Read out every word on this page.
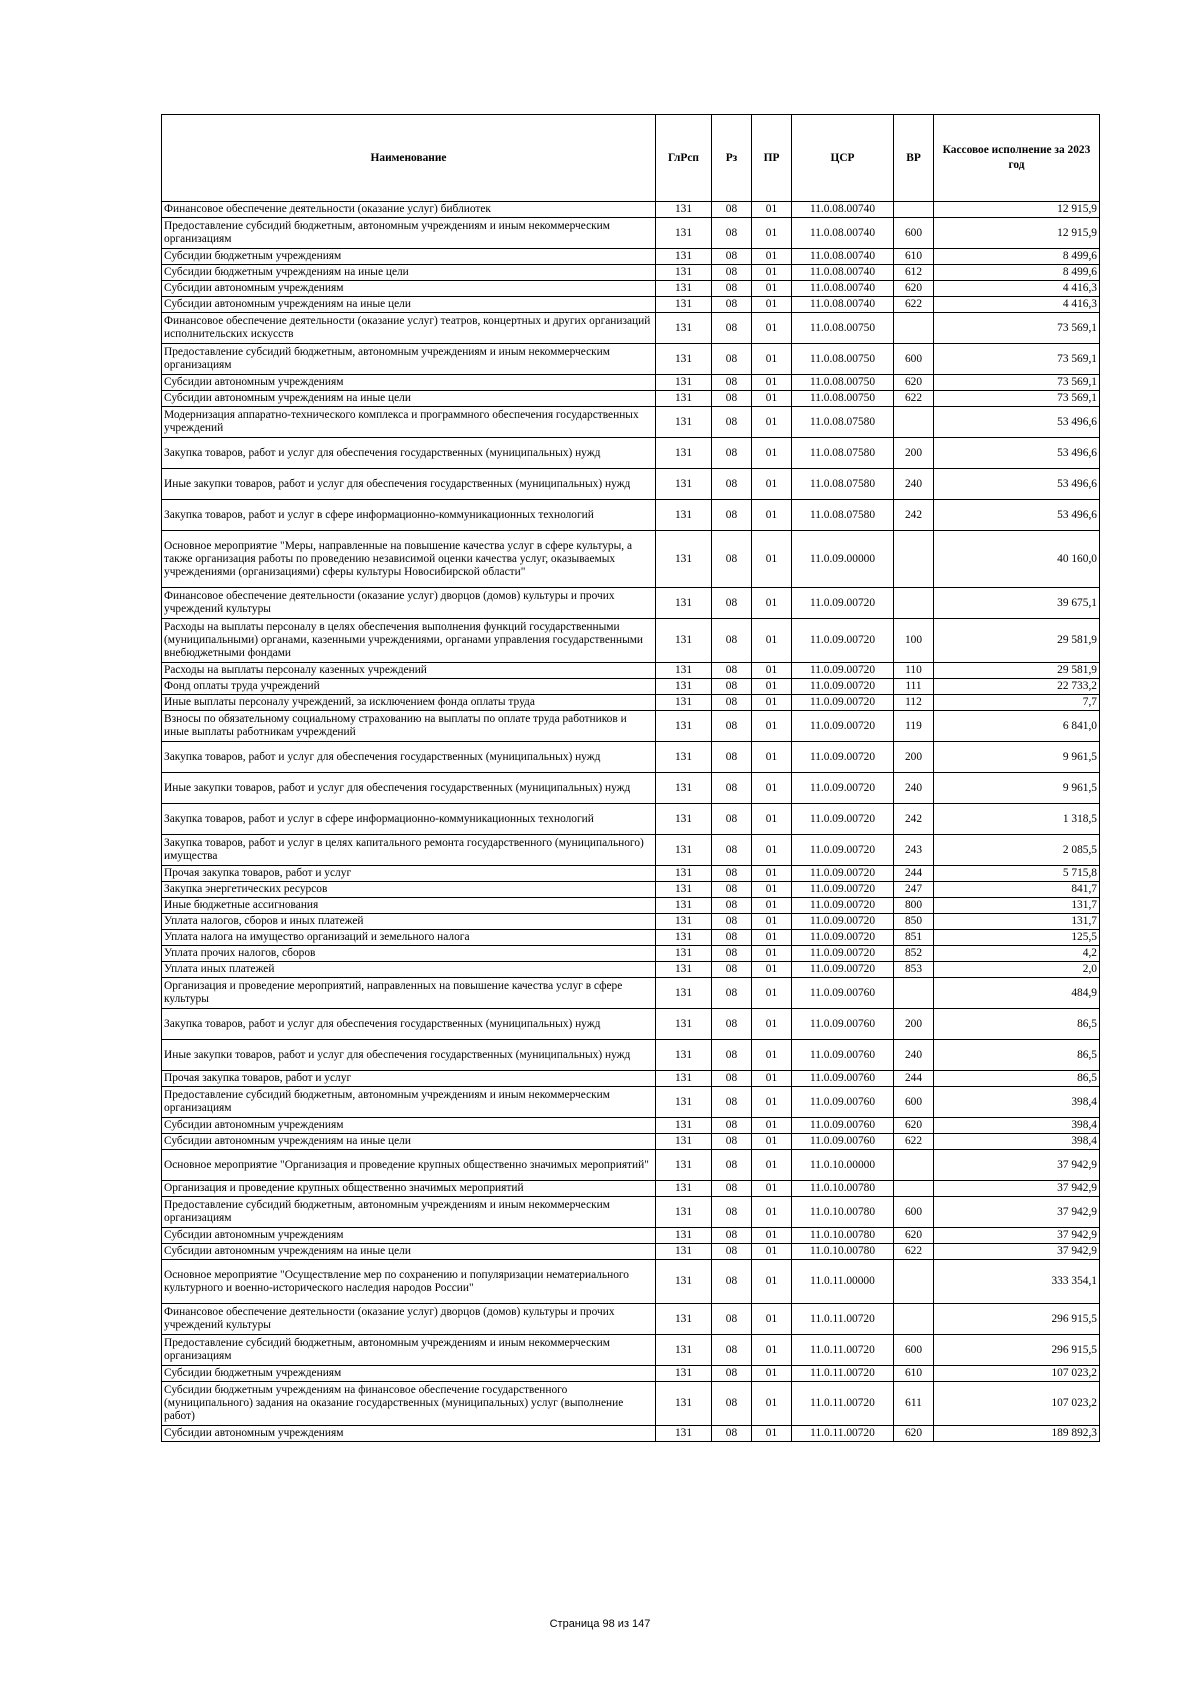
Наименование	ГлРсп	Рз	ПР	ЦСР	ВР	Кассовое исполнение за 2023 год
Финансовое обеспечение деятельности (оказание услуг) библиотек	131	08	01	11.0.08.00740		12 915,9
Предоставление субсидий бюджетным, автономным учреждениям и иным некоммерческим организациям	131	08	01	11.0.08.00740	600	12 915,9
Субсидии бюджетным учреждениям	131	08	01	11.0.08.00740	610	8 499,6
Субсидии бюджетным учреждениям на иные цели	131	08	01	11.0.08.00740	612	8 499,6
Субсидии автономным учреждениям	131	08	01	11.0.08.00740	620	4 416,3
Субсидии автономным учреждениям на иные цели	131	08	01	11.0.08.00740	622	4 416,3
Финансовое обеспечение деятельности (оказание услуг) театров, концертных и других организаций исполнительских искусств	131	08	01	11.0.08.00750		73 569,1
Предоставление субсидий бюджетным, автономным учреждениям и иным некоммерческим организациям	131	08	01	11.0.08.00750	600	73 569,1
Субсидии автономным учреждениям	131	08	01	11.0.08.00750	620	73 569,1
Субсидии автономным учреждениям на иные цели	131	08	01	11.0.08.00750	622	73 569,1
Модернизация аппаратно-технического комплекса и программного обеспечения государственных учреждений	131	08	01	11.0.08.07580		53 496,6
Закупка товаров, работ и услуг для обеспечения государственных (муниципальных) нужд	131	08	01	11.0.08.07580	200	53 496,6
Иные закупки товаров, работ и услуг для обеспечения государственных (муниципальных) нужд	131	08	01	11.0.08.07580	240	53 496,6
Закупка товаров, работ и услуг в сфере информационно-коммуникационных технологий	131	08	01	11.0.08.07580	242	53 496,6
Основное мероприятие "Меры, направленные на повышение качества услуг в сфере культуры, а также организация работы по проведению независимой оценки качества услуг, оказываемых учреждениями (организациями) сферы культуры Новосибирской области"	131	08	01	11.0.09.00000		40 160,0
Финансовое обеспечение деятельности (оказание услуг) дворцов (домов) культуры и прочих учреждений культуры	131	08	01	11.0.09.00720		39 675,1
Расходы на выплаты персоналу в целях обеспечения выполнения функций государственными (муниципальными) органами, казенными учреждениями, органами управления государственными внебюджетными фондами	131	08	01	11.0.09.00720	100	29 581,9
Расходы на выплаты персоналу казенных учреждений	131	08	01	11.0.09.00720	110	29 581,9
Фонд оплаты труда учреждений	131	08	01	11.0.09.00720	111	22 733,2
Иные выплаты персоналу учреждений, за исключением фонда оплаты труда	131	08	01	11.0.09.00720	112	7,7
Взносы по обязательному социальному страхованию на выплаты по оплате труда работников и иные выплаты работникам учреждений	131	08	01	11.0.09.00720	119	6 841,0
Закупка товаров, работ и услуг для обеспечения государственных (муниципальных) нужд	131	08	01	11.0.09.00720	200	9 961,5
Иные закупки товаров, работ и услуг для обеспечения государственных (муниципальных) нужд	131	08	01	11.0.09.00720	240	9 961,5
Закупка товаров, работ и услуг в сфере информационно-коммуникационных технологий	131	08	01	11.0.09.00720	242	1 318,5
Закупка товаров, работ и услуг в целях капитального ремонта государственного (муниципального) имущества	131	08	01	11.0.09.00720	243	2 085,5
Прочая закупка товаров, работ и услуг	131	08	01	11.0.09.00720	244	5 715,8
Закупка энергетических ресурсов	131	08	01	11.0.09.00720	247	841,7
Иные бюджетные ассигнования	131	08	01	11.0.09.00720	800	131,7
Уплата налогов, сборов и иных платежей	131	08	01	11.0.09.00720	850	131,7
Уплата налога на имущество организаций и земельного налога	131	08	01	11.0.09.00720	851	125,5
Уплата прочих налогов, сборов	131	08	01	11.0.09.00720	852	4,2
Уплата иных платежей	131	08	01	11.0.09.00720	853	2,0
Организация и проведение мероприятий, направленных на повышение качества услуг в сфере культуры	131	08	01	11.0.09.00760		484,9
Закупка товаров, работ и услуг для обеспечения государственных (муниципальных) нужд	131	08	01	11.0.09.00760	200	86,5
Иные закупки товаров, работ и услуг для обеспечения государственных (муниципальных) нужд	131	08	01	11.0.09.00760	240	86,5
Прочая закупка товаров, работ и услуг	131	08	01	11.0.09.00760	244	86,5
Предоставление субсидий бюджетным, автономным учреждениям и иным некоммерческим организациям	131	08	01	11.0.09.00760	600	398,4
Субсидии автономным учреждениям	131	08	01	11.0.09.00760	620	398,4
Субсидии автономным учреждениям на иные цели	131	08	01	11.0.09.00760	622	398,4
Основное мероприятие "Организация и проведение крупных общественно значимых мероприятий"	131	08	01	11.0.10.00000		37 942,9
Организация и проведение крупных общественно значимых мероприятий	131	08	01	11.0.10.00780		37 942,9
Предоставление субсидий бюджетным, автономным учреждениям и иным некоммерческим организациям	131	08	01	11.0.10.00780	600	37 942,9
Субсидии автономным учреждениям	131	08	01	11.0.10.00780	620	37 942,9
Субсидии автономным учреждениям на иные цели	131	08	01	11.0.10.00780	622	37 942,9
Основное мероприятие "Осуществление мер по сохранению и популяризации нематериального культурного и военно-исторического наследия народов России"	131	08	01	11.0.11.00000		333 354,1
Финансовое обеспечение деятельности (оказание услуг) дворцов (домов) культуры и прочих учреждений культуры	131	08	01	11.0.11.00720		296 915,5
Предоставление субсидий бюджетным, автономным учреждениям и иным некоммерческим организациям	131	08	01	11.0.11.00720	600	296 915,5
Субсидии бюджетным учреждениям	131	08	01	11.0.11.00720	610	107 023,2
Субсидии бюджетным учреждениям на финансовое обеспечение государственного (муниципального) задания на оказание государственных (муниципальных) услуг (выполнение работ)	131	08	01	11.0.11.00720	611	107 023,2
Субсидии автономным учреждениям	131	08	01	11.0.11.00720	620	189 892,3
Страница 98 из 147
